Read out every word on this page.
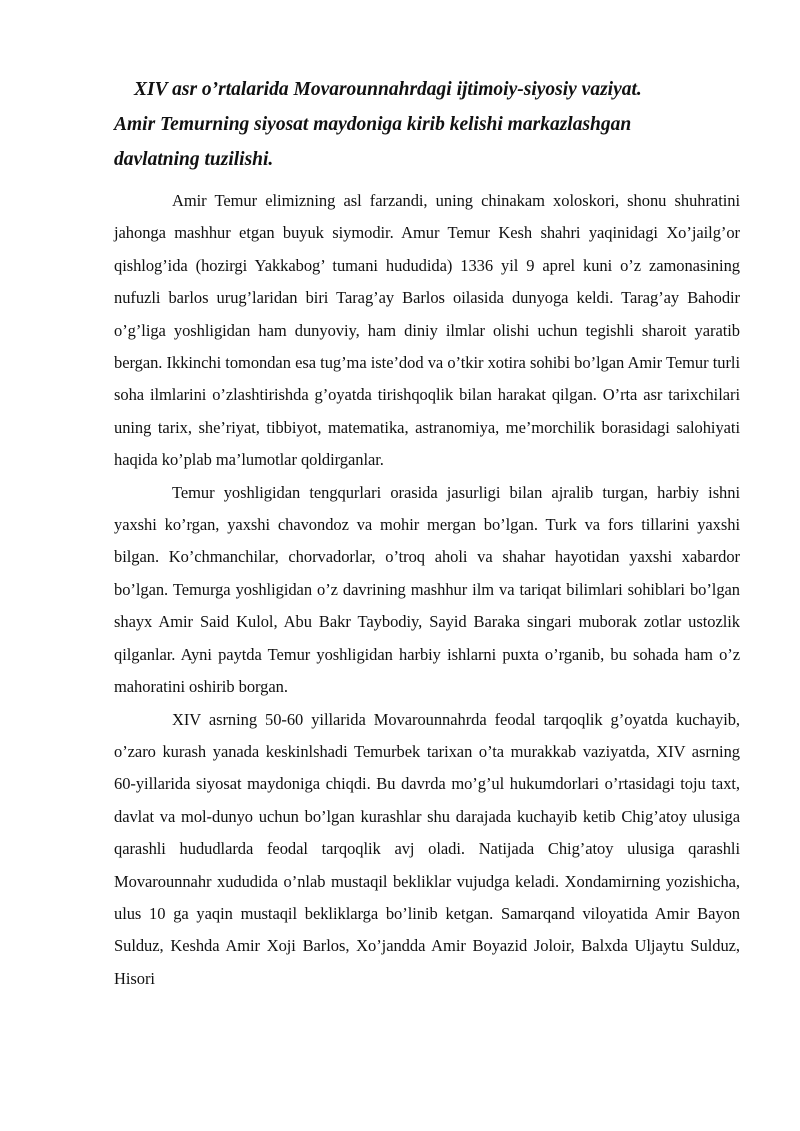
XIV asr o’rtalarida Movarounnahrdagi ijtimoiy-siyosiy vaziyat.
Amir Temurning siyosat maydoniga kirib kelishi markazlashgan
davlatning tuzilishi.

Amir Temur elimizning asl farzandi, uning chinakam xoloskori, shonu shuhratini jahonga mashhur etgan buyuk siymodir. Amur Temur Kesh shahri yaqinidagi Xo’jailg’or qishlog’ida (hozirgi Yakkabog’ tumani hududida) 1336 yil 9 aprel kuni o’z zamonasining nufuzli barlos urug’laridan biri Tarag’ay Barlos oilasida dunyoga keldi. Tarag’ay Bahodir o’g’liga yoshligidan ham dunyoviy, ham diniy ilmlar olishi uchun tegishli sharoit yaratib bergan. Ikkinchi tomondan esa tug’ma iste’dod va o’tkir xotira sohibi bo’lgan Amir Temur turli soha ilmlarini o’zlashtirishda g’oyatda tirishqoqlik bilan harakat qilgan. O’rta asr tarixchilari uning tarix, she’riyat, tibbiyot, matematika, astranomiya, me’morchilik borasidagi salohiyati haqida ko’plab ma’lumotlar qoldirganlar.

Temur yoshligidan tengqurlari orasida jasurligi bilan ajralib turgan, harbiy ishni yaxshi ko’rgan, yaxshi chavondoz va mohir mergan bo’lgan. Turk va fors tillarini yaxshi bilgan. Ko’chmanchilar, chorvadorlar, o’troq aholi va shahar hayotidan yaxshi xabardor bo’lgan. Temurga yoshligidan o’z davrining mashhur ilm va tariqat bilimlari sohiblari bo’lgan shayx Amir Said Kulol, Abu Bakr Taybodiy, Sayid Baraka singari muborak zotlar ustozlik qilganlar. Ayni paytda Temur yoshligidan harbiy ishlarni puxta o’rganib, bu sohada ham o’z mahoratini oshirib borgan.

XIV asrning 50-60 yillarida Movarounnahrda feodal tarqoqlik g’oyatda kuchayib, o’zaro kurash yanada keskinlshadi Temurbek tarixan o’ta murakkab vaziyatda, XIV asrning 60-yillarida siyosat maydoniga chiqdi. Bu davrda mo’g’ul hukumdorlari o’rtasidagi toju taxt, davlat va mol-dunyo uchun bo’lgan kurashlar shu darajada kuchayib ketib Chig’atoy ulusiga qarashli hududlarda feodal tarqoqlik avj oladi. Natijada Chig’atoy ulusiga qarashli Movarounnahr xududida o’nlab mustaqil bekliklar vujudga keladi. Xondamirning yozishicha, ulus 10 ga yaqin mustaqil bekliklarga bo’linib ketgan. Samarqand viloyatida Amir Bayon Sulduz, Keshda Amir Xoji Barlos, Xo’jandda Amir Boyazid Joloir, Balxda Uljaytu Sulduz, Hisori
